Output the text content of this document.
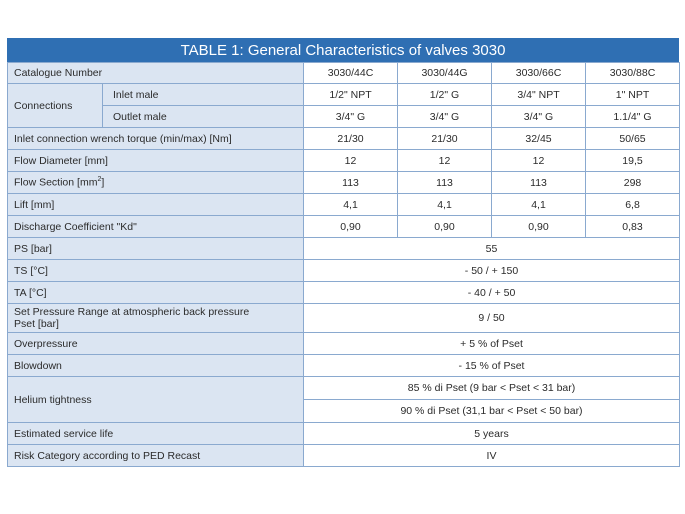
TABLE 1: General Characteristics of valves 3030
Catalogue Number		3030/44C	3030/44G	3030/66C	3030/88C
Connections	Inlet male	1/2" NPT	1/2" G	3/4" NPT	1" NPT
	Outlet male	3/4" G	3/4" G	3/4" G	1.1/4" G
Inlet connection wrench torque (min/max) [Nm]		21/30	21/30	32/45	50/65
Flow Diameter [mm]		12	12	12	19,5
Flow Section $[mm^2]$		113	113	113	298
Lift [mm]		4,1	4,1	4,1	6,8
Discharge Coefficient "Kd"		0,90	0,90	0,90	0,83
PS [bar]		55			
TS [°C]		- 50 / + 150			
TA [°C]		- 40 / + 50			

Set Pressure Range at atmospheric back pressure
Pset [bar]		9 / 50			
Overpressure		+ 5 % of Pset			
Blowdown		- 15 % of Pset			
Helium tightness		85 % di Pset (9 bar < Pset < 31 bar)			
		90 % di Pset (31,1 bar < Pset < 50 bar)			
Estimated service life		5 years			
Risk Category according to PED Recast		IV			
